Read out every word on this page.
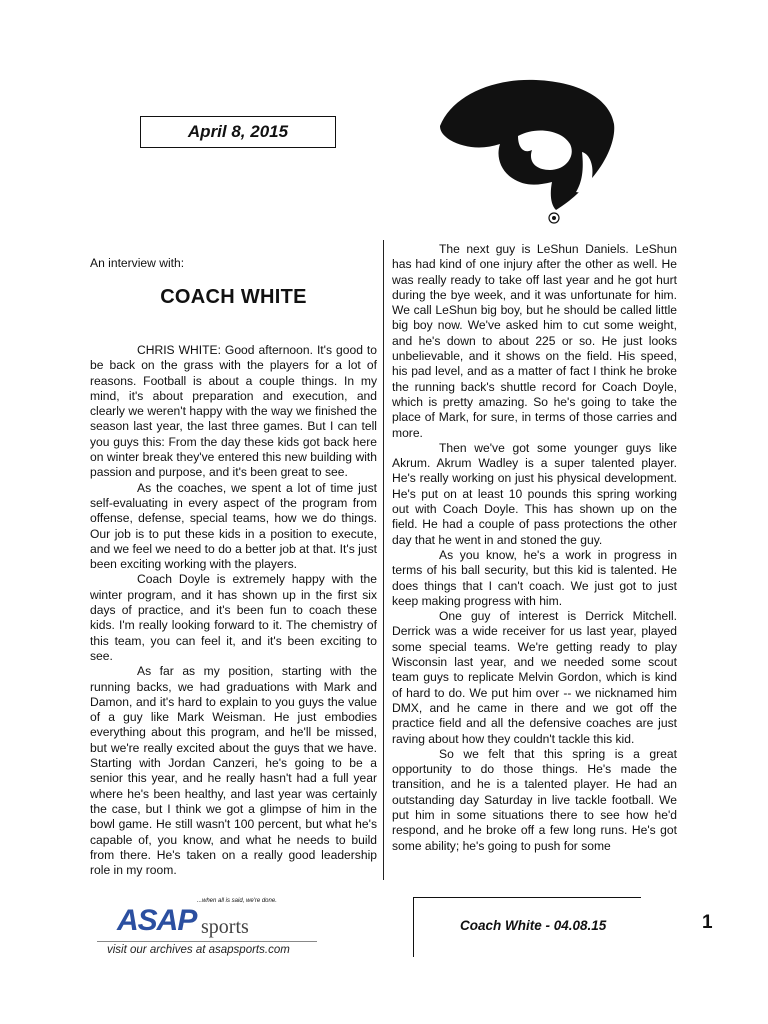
April 8, 2015
An interview with:
COACH WHITE

CHRIS WHITE: Good afternoon. It's good to be back on the grass with the players for a lot of reasons. Football is about a couple things. In my mind, it's about preparation and execution, and clearly we weren't happy with the way we finished the season last year, the last three games. But I can tell you guys this: From the day these kids got back here on winter break they've entered this new building with passion and purpose, and it's been great to see.

As the coaches, we spent a lot of time just self-evaluating in every aspect of the program from offense, defense, special teams, how we do things. Our job is to put these kids in a position to execute, and we feel we need to do a better job at that. It's just been exciting working with the players.

Coach Doyle is extremely happy with the winter program, and it has shown up in the first six days of practice, and it's been fun to coach these kids. I'm really looking forward to it. The chemistry of this team, you can feel it, and it's been exciting to see.

As far as my position, starting with the running backs, we had graduations with Mark and Damon, and it's hard to explain to you guys the value of a guy like Mark Weisman. He just embodies everything about this program, and he'll be missed, but we're really excited about the guys that we have. Starting with Jordan Canzeri, he's going to be a senior this year, and he really hasn't had a full year where he's been healthy, and last year was certainly the case, but I think we got a glimpse of him in the bowl game. He still wasn't 100 percent, but what he's capable of, you know, and what he needs to build from there. He's taken on a really good leadership role in my room.

The next guy is LeShun Daniels. LeShun has had kind of one injury after the other as well. He was really ready to take off last year and he got hurt during the bye week, and it was unfortunate for him. We call LeShun big boy, but he should be called little big boy now. We've asked him to cut some weight, and he's down to about 225 or so. He just looks unbelievable, and it shows on the field. His speed, his pad level, and as a matter of fact I think he broke the running back's shuttle record for Coach Doyle, which is pretty amazing. So he's going to take the place of Mark, for sure, in terms of those carries and more.

Then we've got some younger guys like Akrum. Akrum Wadley is a super talented player. He's really working on just his physical development. He's put on at least 10 pounds this spring working out with Coach Doyle. This has shown up on the field. He had a couple of pass protections the other day that he went in and stoned the guy.

As you know, he's a work in progress in terms of his ball security, but this kid is talented. He does things that I can't coach. We just got to just keep making progress with him.

One guy of interest is Derrick Mitchell. Derrick was a wide receiver for us last year, played some special teams. We're getting ready to play Wisconsin last year, and we needed some scout team guys to replicate Melvin Gordon, which is kind of hard to do. We put him over -- we nicknamed him DMX, and he came in there and we got off the practice field and all the defensive coaches are just raving about how they couldn't tackle this kid.

So we felt that this spring is a great opportunity to do those things. He's made the transition, and he is a talented player. He had an outstanding day Saturday in live tackle football. We put him in some situations there to see how he'd respond, and he broke off a few long runs. He's got some ability; he's going to push for some

...when all is said, we're done.
ASAP sports
visit our archives at asapsports.com
Coach White - 04.08.15	1
